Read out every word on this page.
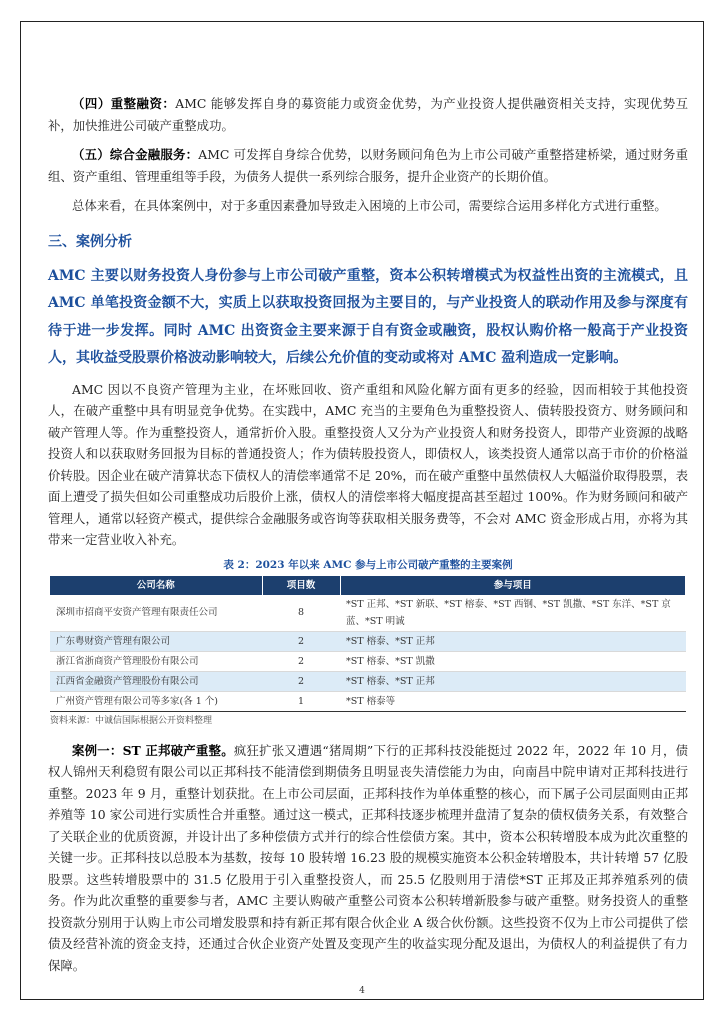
（四）重整融资：AMC 能够发挥自身的募资能力或资金优势，为产业投资人提供融资相关支持，实现优势互补，加快推进公司破产重整成功。

（五）综合金融服务：AMC 可发挥自身综合优势，以财务顾问角色为上市公司破产重整搭建桥梁，通过财务重组、资产重组、管理重组等手段，为债务人提供一系列综合服务，提升企业资产的长期价值。

总体来看，在具体案例中，对于多重因素叠加导致走入困境的上市公司，需要综合运用多样化方式进行重整。

三、案例分析

AMC 主要以财务投资人身份参与上市公司破产重整，资本公积转增模式为权益性出资的主流模式，且 AMC 单笔投资金额不大，实质上以获取投资回报为主要目的，与产业投资人的联动作用及参与深度有待于进一步发挥。同时 AMC 出资资金主要来源于自有资金或融资，股权认购价格一般高于产业投资人，其收益受股票价格波动影响较大，后续公允价值的变动或将对 AMC 盈利造成一定影响。

AMC 因以不良资产管理为主业，在坏账回收、资产重组和风险化解方面有更多的经验，因而相较于其他投资人，在破产重整中具有明显竞争优势。在实践中，AMC 充当的主要角色为重整投资人、债转股投资方、财务顾问和破产管理人等。作为重整投资人，通常折价入股。重整投资人又分为产业投资人和财务投资人，即带产业资源的战略投资人和以获取财务回报为目标的普通投资人；作为债转股投资人，即债权人，该类投资人通常以高于市价的价格溢价转股。因企业在破产清算状态下债权人的清偿率通常不足 20%，而在破产重整中虽然债权人大幅溢价取得股票，表面上遭受了损失但如公司重整成功后股价上涨，债权人的清偿率将大幅度提高甚至超过 100%。作为财务顾问和破产管理人，通常以轻资产模式，提供综合金融服务或咨询等获取相关服务费等，不会对 AMC 资金形成占用，亦将为其带来一定营业收入补充。

表 2：2023 年以来 AMC 参与上市公司破产重整的主要案例
公司名称	项目数	参与项目
深圳市招商平安资产管理有限责任公司	8	*ST 正邦、*ST 新联、*ST 榕泰、*ST 西钢、*ST 凯撒、*ST 东洋、*ST 京蓝、*ST 明诚
广东粤财资产管理有限公司	2	*ST 榕泰、*ST 正邦
浙江省浙商资产管理股份有限公司	2	*ST 榕泰、*ST 凯撒
江西省金融资产管理股份有限公司	2	*ST 榕泰、*ST 正邦
广州资产管理有限公司等多家(各 1 个)	1	*ST 榕泰等
资料来源：中诚信国际根据公开资料整理

案例一：ST 正邦破产重整。疯狂扩张又遭遇“猪周期”下行的正邦科技没能挺过 2022 年，2022 年 10 月，债权人锦州天利稳贸有限公司以正邦科技不能清偿到期债务且明显丧失清偿能力为由，向南昌中院申请对正邦科技进行重整。2023 年 9 月，重整计划获批。在上市公司层面，正邦科技作为单体重整的核心，而下属子公司层面则由正邦养殖等 10 家公司进行实质性合并重整。通过这一模式，正邦科技逐步梳理并盘清了复杂的债权债务关系，有效整合了关联企业的优质资源，并设计出了多种偿债方式并行的综合性偿债方案。其中，资本公积转增股本成为此次重整的关键一步。正邦科技以总股本为基数，按每 10 股转增 16.23 股的规模实施资本公积金转增股本，共计转增 57 亿股股票。这些转增股票中的 31.5 亿股用于引入重整投资人，而 25.5 亿股则用于清偿*ST 正邦及正邦养殖系列的债务。作为此次重整的重要参与者，AMC 主要认购破产重整公司资本公积转增新股参与破产重整。财务投资人的重整投资款分别用于认购上市公司增发股票和持有新正邦有限合伙企业 A 级合伙份额。这些投资不仅为上市公司提供了偿债及经营补流的资金支持，还通过合伙企业资产处置及变现产生的收益实现分配及退出，为债权人的利益提供了有力保障。

4
